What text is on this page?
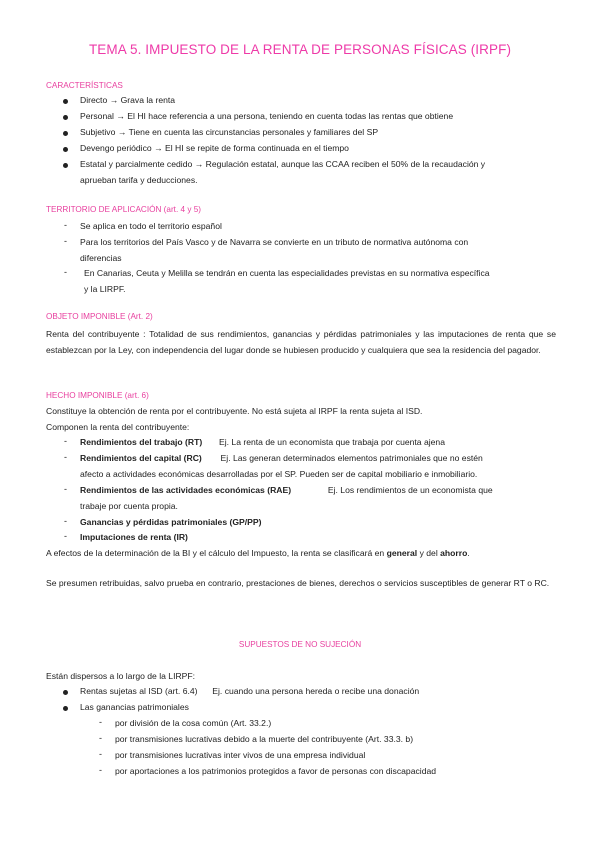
TEMA 5. IMPUESTO DE LA RENTA DE PERSONAS FÍSICAS (IRPF)
CARACTERÍSTICAS
Directo → Grava la renta
Personal → El HI hace referencia a una persona, teniendo en cuenta todas las rentas que obtiene
Subjetivo → Tiene en cuenta las circunstancias personales y familiares del SP
Devengo periódico → El HI se repite de forma continuada en el tiempo
Estatal y parcialmente cedido → Regulación estatal, aunque las CCAA reciben el 50% de la recaudación y
aprueban tarifa y deducciones.
TERRITORIO DE APLICACIÓN (art. 4 y 5)
- Se aplica en todo el territorio español
- Para los territorios del País Vasco y de Navarra se convierte en un tributo de normativa autónoma con
diferencias
- En Canarias, Ceuta y Melilla se tendrán en cuenta las especialidades previstas en su normativa específica
y la LIRPF.
OBJETO IMPONIBLE (Art. 2)
Renta del contribuyente : Totalidad de sus rendimientos, ganancias y pérdidas patrimoniales y las imputaciones de renta que se establezcan por la Ley, con independencia del lugar donde se hubiesen producido y cualquiera que sea la residencia del pagador.
HECHO IMPONIBLE (art. 6)
Constituye la obtención de renta por el contribuyente. No está sujeta al IRPF la renta sujeta al ISD.
Componen la renta del contribuyente:
- Rendimientos del trabajo (RT) Ej. La renta de un economista que trabaja por cuenta ajena
- Rendimientos del capital (RC) Ej. Las generan determinados elementos patrimoniales que no estén
afecto a actividades económicas desarrolladas por el SP. Pueden ser de capital mobiliario e inmobiliario.
- Rendimientos de las actividades económicas (RAE)	Ej. Los rendimientos de un economista que
trabaje por cuenta propia.
- Ganancias y pérdidas patrimoniales (GP/PP)
- Imputaciones de renta (IR)
A efectos de la determinación de la BI y el cálculo del Impuesto, la renta se clasificará en general y del ahorro.
Se presumen retribuidas, salvo prueba en contrario, prestaciones de bienes, derechos o servicios susceptibles de generar RT o RC.
SUPUESTOS DE NO SUJECIÓN
Están dispersos a lo largo de la LIRPF:
Rentas sujetas al ISD (art. 6.4) Ej. cuando una persona hereda o recibe una donación
Las ganancias patrimoniales
- por división de la cosa común (Art. 33.2.)
- por transmisiones lucrativas debido a la muerte del contribuyente (Art. 33.3. b)
- por transmisiones lucrativas inter vivos de una empresa individual
- por aportaciones a los patrimonios protegidos a favor de personas con discapacidad
